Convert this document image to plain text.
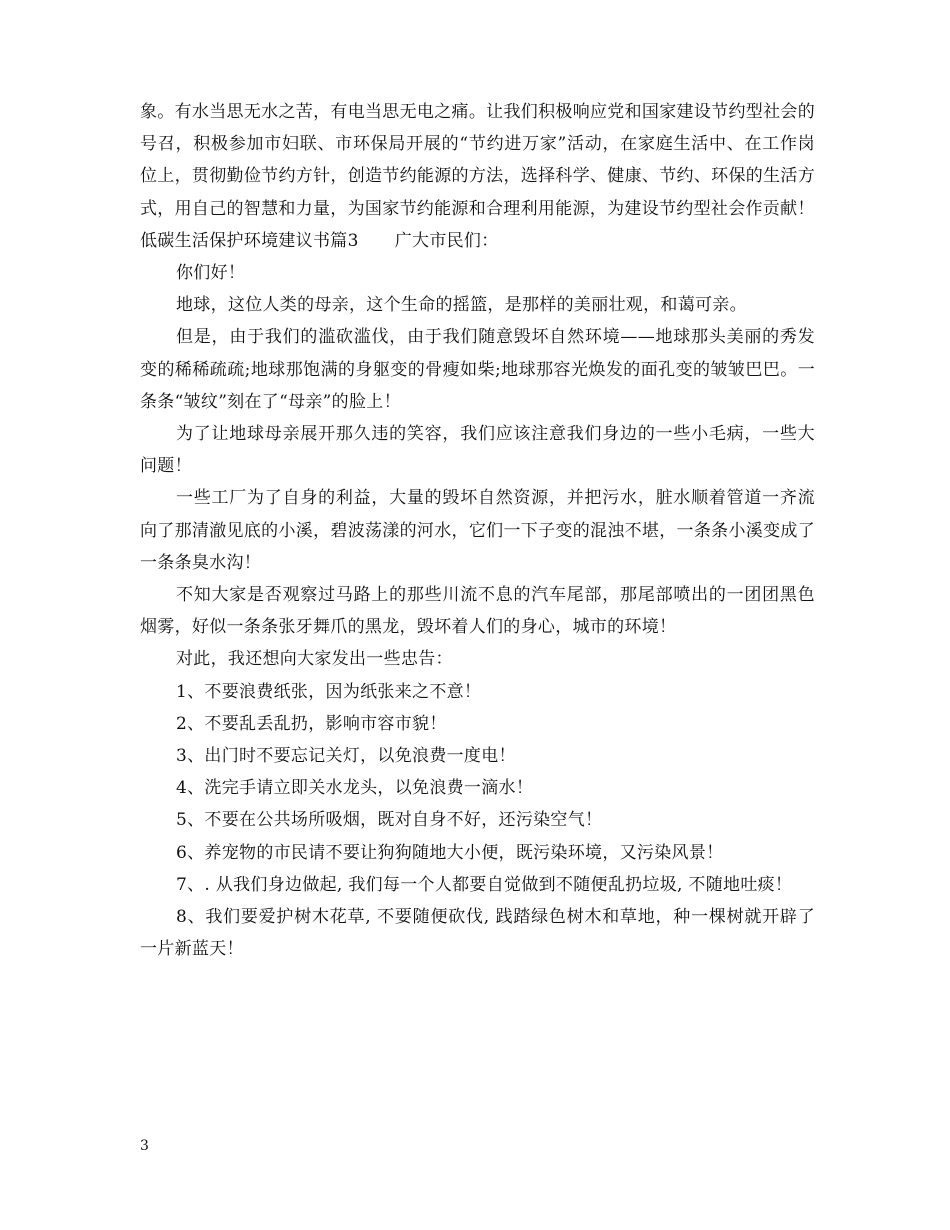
象。有水当思无水之苦，有电当思无电之痛。让我们积极响应党和国家建设节约型社会的号召，积极参加市妇联、市环保局开展的“节约进万家”活动，在家庭生活中、在工作岗位上，贯彻勤俭节约方针，创造节约能源的方法，选择科学、健康、节约、环保的生活方式，用自己的智慧和力量，为国家节约能源和合理利用能源，为建设节约型社会作贡献！

低碳生活保护环境建议书篇3 广大市民们：

你们好！

地球，这位人类的母亲，这个生命的摇篮，是那样的美丽壮观，和蔼可亲。

但是，由于我们的滥砍滥伐，由于我们随意毁坏自然环境——地球那头美丽的秀发变的稀稀疏疏;地球那饱满的身躯变的骨瘦如柴;地球那容光焕发的面孔变的皱皱巴巴。一条条“皱纹”刻在了“母亲”的脸上！

为了让地球母亲展开那久违的笑容，我们应该注意我们身边的一些小毛病，一些大问题！

一些工厂为了自身的利益，大量的毁坏自然资源，并把污水，脏水顺着管道一齐流向了那清澈见底的小溪，碧波荡漾的河水，它们一下子变的混浊不堪，一条条小溪变成了一条条臭水沟！

不知大家是否观察过马路上的那些川流不息的汽车尾部，那尾部喷出的一团团黑色烟雾，好似一条条张牙舞爪的黑龙，毁坏着人们的身心，城市的环境！

对此，我还想向大家发出一些忠告：

1、不要浪费纸张，因为纸张来之不意！

2、不要乱丢乱扔，影响市容市貌！

3、出门时不要忘记关灯，以免浪费一度电！

4、洗完手请立即关水龙头，以免浪费一滴水！

5、不要在公共场所吸烟，既对自身不好，还污染空气！

6、养宠物的市民请不要让狗狗随地大小便，既污染环境，又污染风景！

7、. 从我们身边做起, 我们每一个人都要自觉做到不随便乱扔垃圾, 不随地吐痰！

8、我们要爱护树木花草, 不要随便砍伐, 践踏绿色树木和草地，种一棵树就开辟了一片新蓝天！

3
